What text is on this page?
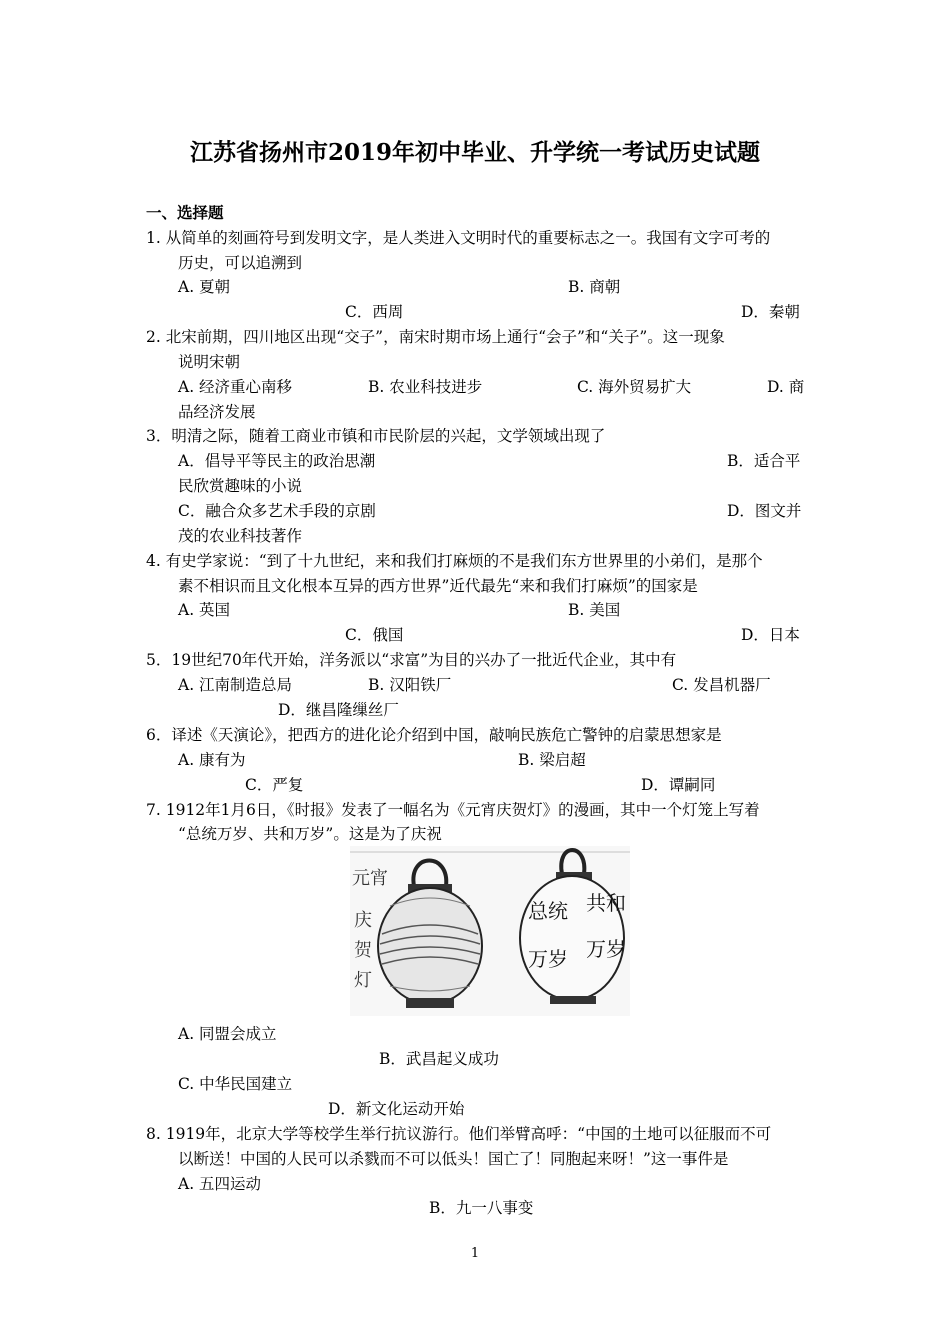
江苏省扬州市2019年初中毕业、升学统一考试历史试题
一、选择题
1. 从简单的刻画符号到发明文字，是人类进入文明时代的重要标志之一。我国有文字可考的
历史，可以追溯到
A. 夏朝	B. 商朝
C．西周	D．秦朝
2. 北宋前期，四川地区出现“交子”，南宋时期市场上通行“会子”和“关子”。这一现象
说明宋朝
A. 经济重心南移	B. 农业科技进步	C. 海外贸易扩大	D. 商
品经济发展
3．明清之际，随着工商业市镇和市民阶层的兴起，文学领域出现了
A．倡导平等民主的政治思潮	B．适合平
民欣赏趣味的小说
C．融合众多艺术手段的京剧	D．图文并
茂的农业科技著作
4. 有史学家说：“到了十九世纪，来和我们打麻烦的不是我们东方世界里的小弟们，是那个
素不相识而且文化根本互异的西方世界”近代最先“来和我们打麻烦”的国家是
A. 英国	B. 美国
C．俄国	D．日本
5．19世纪70年代开始，洋务派以“求富”为目的兴办了一批近代企业，其中有
A. 江南制造总局	B. 汉阳铁厂	C. 发昌机器厂
D．继昌隆缫丝厂
6．译述《天演论》，把西方的进化论介绍到中国，敲响民族危亡警钟的启蒙思想家是
A. 康有为	B. 梁启超
C．严复	D．谭嗣同
7. 1912年1月6日，《时报》发表了一幅名为《元宵庆贺灯》的漫画，其中一个灯笼上写着
“总统万岁、共和万岁”。这是为了庆祝
元宵
庆
贺
灯
共和
万岁
总统
万岁
A. 同盟会成立
B．武昌起义成功
C. 中华民国建立
D．新文化运动开始
8. 1919年，北京大学等校学生举行抗议游行。他们举臂高呼：“中国的土地可以征服而不可
以断送！中国的人民可以杀戮而不可以低头！国亡了！同胞起来呀！”这一事件是
A. 五四运动
B．九一八事变
1
